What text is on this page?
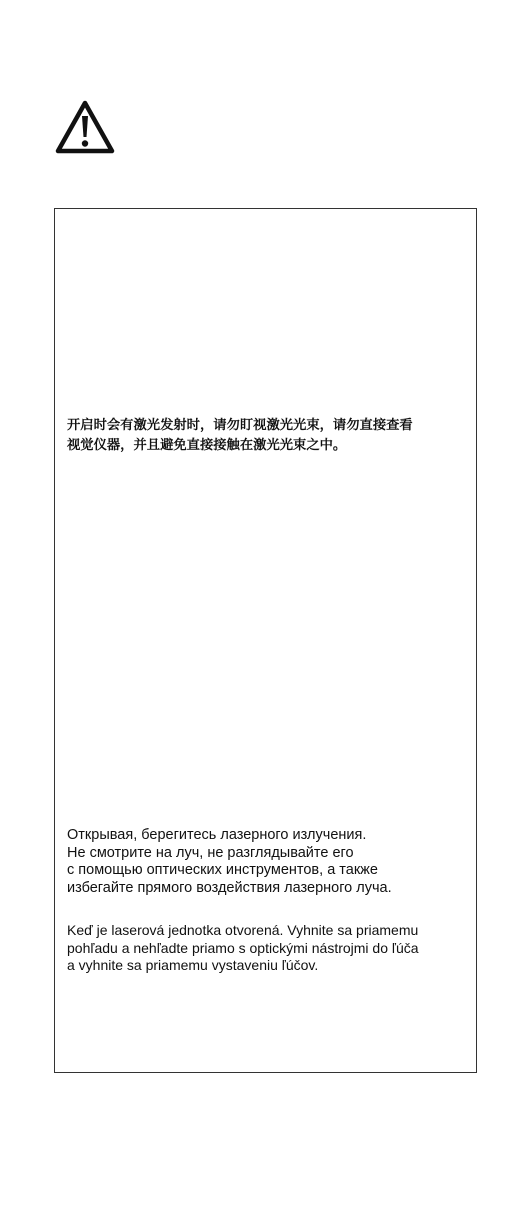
开启时会有激光发射时，请勿盯视激光光束，请勿直接查看
视觉仪器，并且避免直接接触在激光光束之中。

Открывая, берегитесь лазерного излучения.
Не смотрите на луч, не разглядывайте его
с помощью оптических инструментов, а также
избегайте прямого воздействия лазерного луча.

Keď je laserová jednotka otvorená. Vyhnite sa priamemu
pohľadu a nehľadte priamo s optickými nástrojmi do ľúča
a vyhnite sa priamemu vystaveniu ľúčov.
